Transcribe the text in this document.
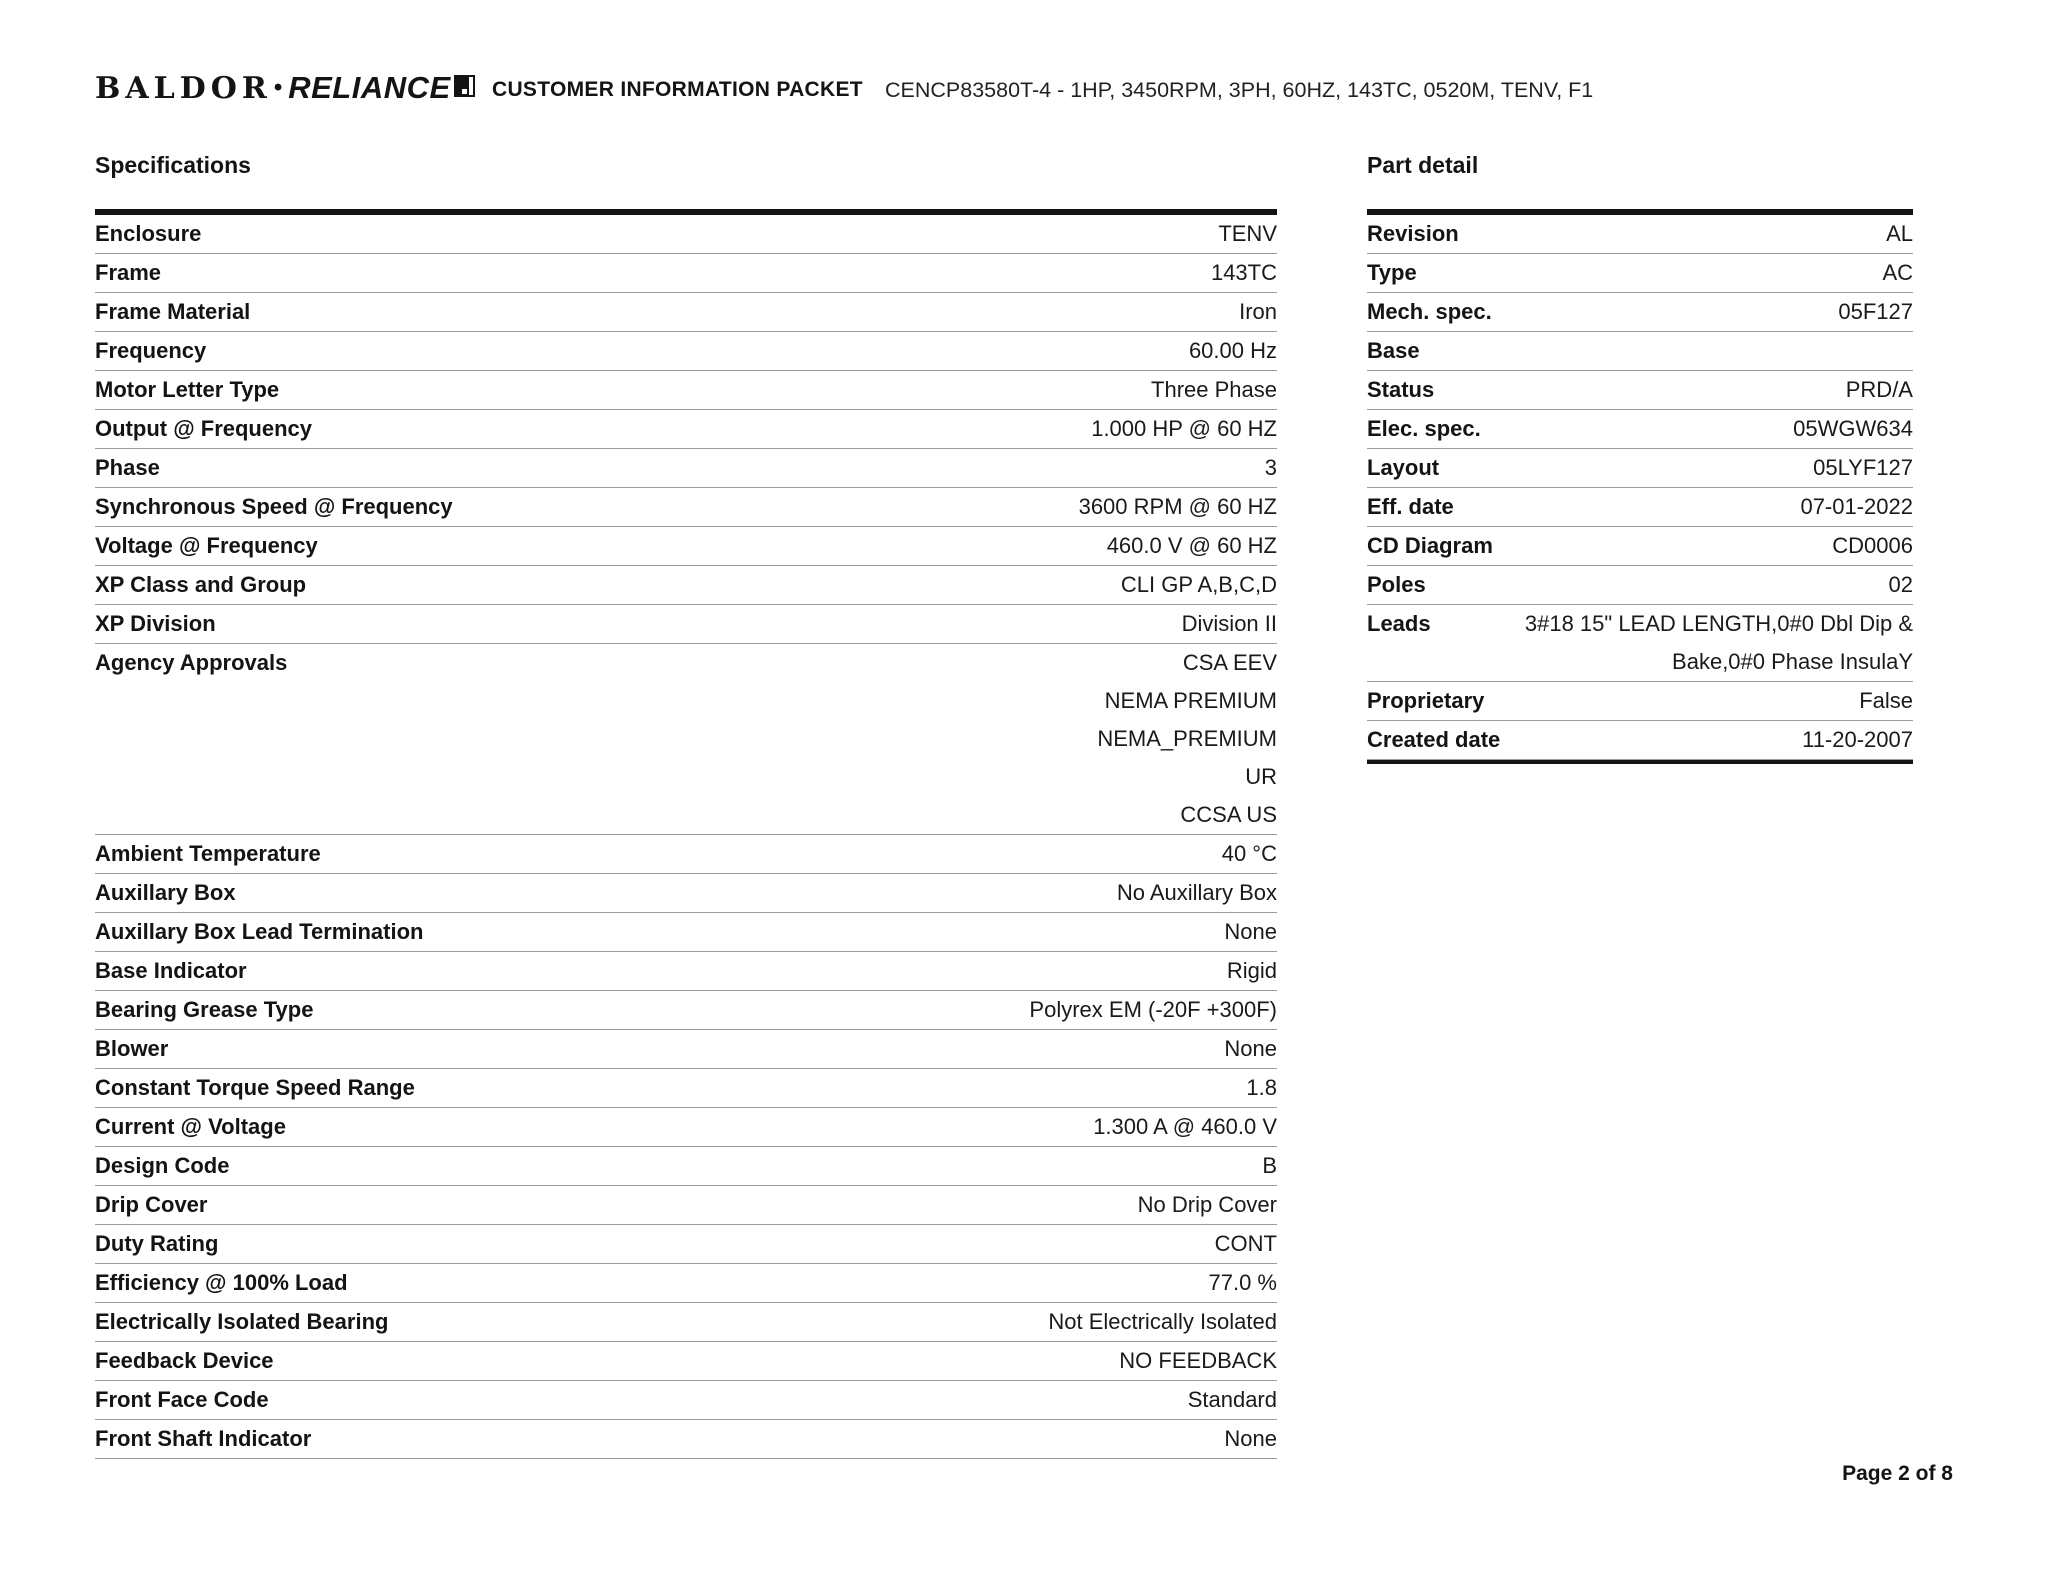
BALDOR • RELIANCE CUSTOMER INFORMATION PACKET CENCP83580T-4 - 1HP, 3450RPM, 3PH, 60HZ, 143TC, 0520M, TENV, F1
Specifications
Enclosure	TENV
Frame	143TC
Frame Material	Iron
Frequency	60.00 Hz
Motor Letter Type	Three Phase
Output @ Frequency	1.000 HP @ 60 HZ
Phase	3
Synchronous Speed @ Frequency	3600 RPM @ 60 HZ
Voltage @ Frequency	460.0 V @ 60 HZ
XP Class and Group	CLI GP A,B,C,D
XP Division	Division II
Agency Approvals	CSA EEV
NEMA PREMIUM
NEMA_PREMIUM
UR
CCSA US
Ambient Temperature	40 °C
Auxillary Box	No Auxillary Box
Auxillary Box Lead Termination	None
Base Indicator	Rigid
Bearing Grease Type	Polyrex EM (-20F +300F)
Blower	None
Constant Torque Speed Range	1.8
Current @ Voltage	1.300 A @ 460.0 V
Design Code	B
Drip Cover	No Drip Cover
Duty Rating	CONT
Efficiency @ 100% Load	77.0 %
Electrically Isolated Bearing	Not Electrically Isolated
Feedback Device	NO FEEDBACK
Front Face Code	Standard
Front Shaft Indicator	None
Part detail
Revision	AL
Type	AC
Mech. spec.	05F127
Base
Status	PRD/A
Elec. spec.	05WGW634
Layout	05LYF127
Eff. date	07-01-2022
CD Diagram	CD0006
Poles	02
Leads	3#18 15" LEAD LENGTH,0#0 Dbl Dip &
Bake,0#0 Phase InsulaY
Proprietary	False
Created date	11-20-2007
Page 2 of 8
